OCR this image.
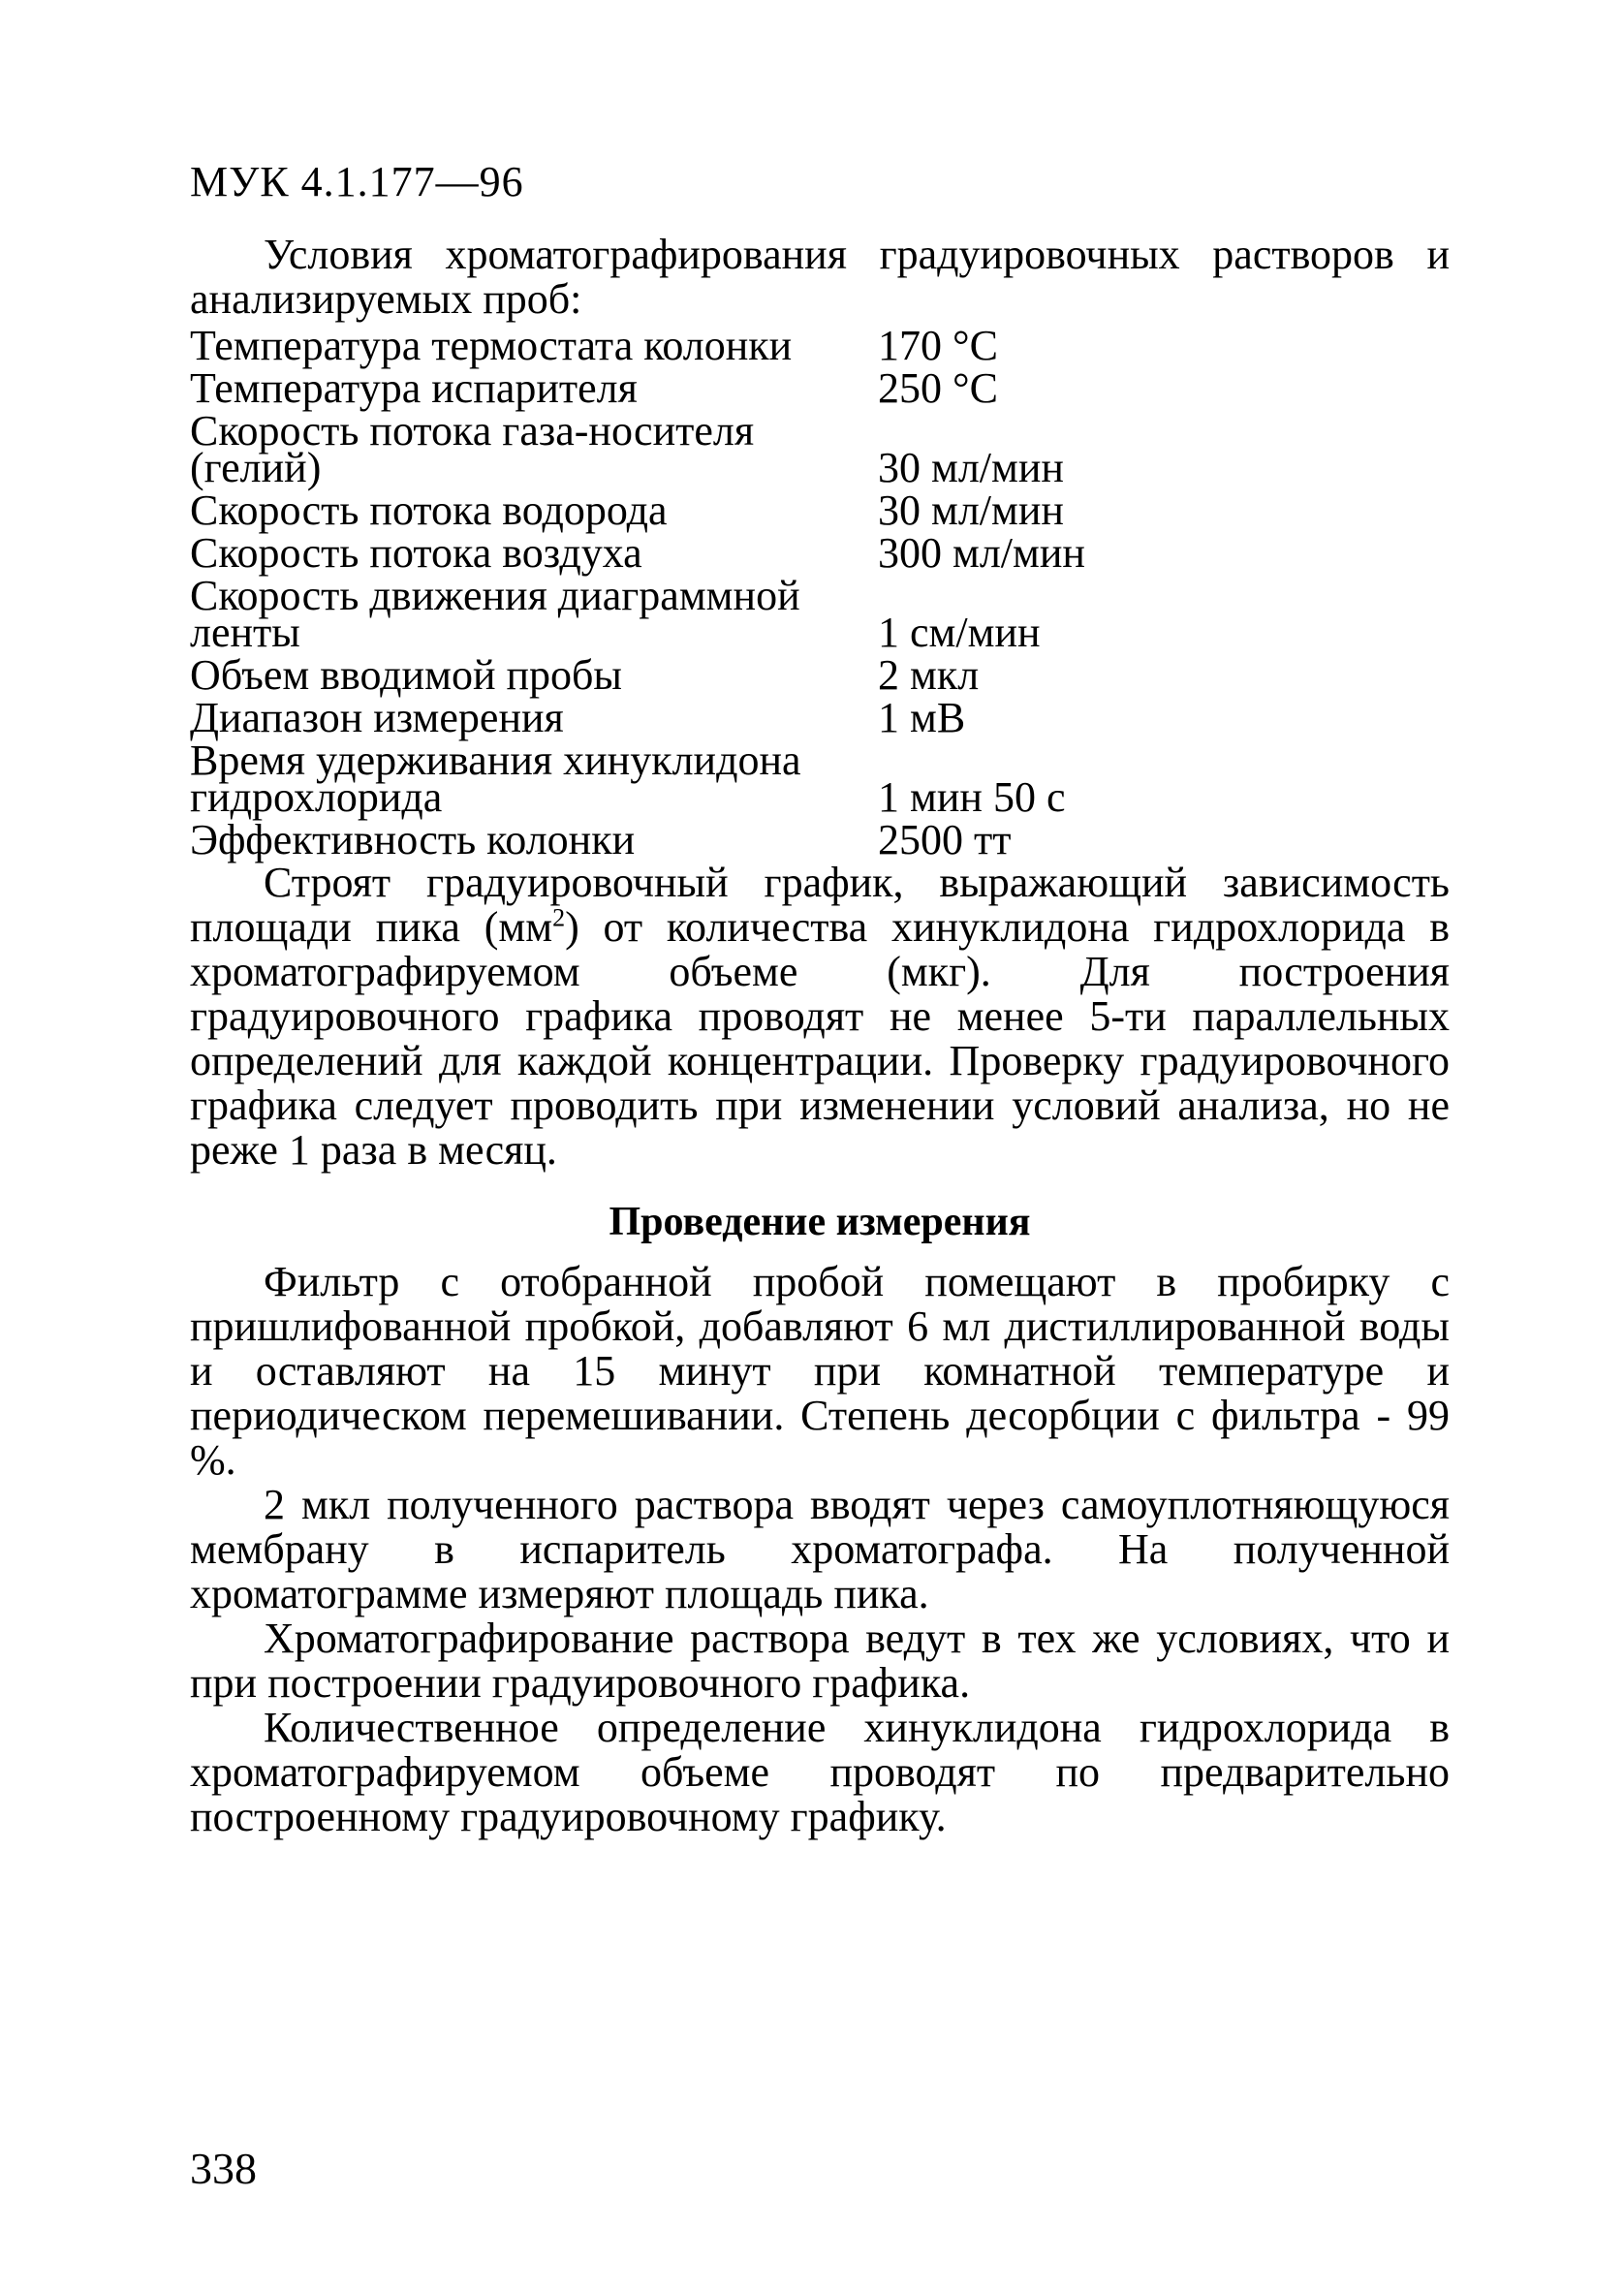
МУК 4.1.177—96

Условия хроматографирования градуировочных растворов и анализируемых проб:

Температура термостата колонки	170 °С
Температура испарителя	250 °С
Скорость потока газа-носителя (гелий)	30 мл/мин
Скорость потока водорода	30 мл/мин
Скорость потока воздуха	300 мл/мин
Скорость движения диаграммной ленты	1 см/мин
Объем вводимой пробы	2 мкл
Диапазон измерения	1 мВ
Время удерживания хинуклидона гидрохлорида	1 мин 50 с
Эффективность колонки	2500 тт

Строят градуировочный график, выражающий зависимость площади пика $(мм^2)$ от количества хинуклидона гидрохлорида в хроматографируемом объеме (мкг). Для построения градуировочного графика проводят не менее 5-ти параллельных определений для каждой концентрации. Проверку градуировочного графика следует проводить при изменении условий анализа, но не реже 1 раза в месяц.

Проведение измерения

Фильтр с отобранной пробой помещают в пробирку с пришлифованной пробкой, добавляют 6 мл дистиллированной воды и оставляют на 15 минут при комнатной температуре и периодическом перемешивании. Степень десорбции с фильтра - 99 %.

2 мкл полученного раствора вводят через самоуплотняющуюся мембрану в испаритель хроматографа. На полученной хроматограмме измеряют площадь пика.

Хроматографирование раствора ведут в тех же условиях, что и при построении градуировочного графика.

Количественное определение хинуклидона гидрохлорида в хроматографируемом объеме проводят по предварительно построенному градуировочному графику.

338
